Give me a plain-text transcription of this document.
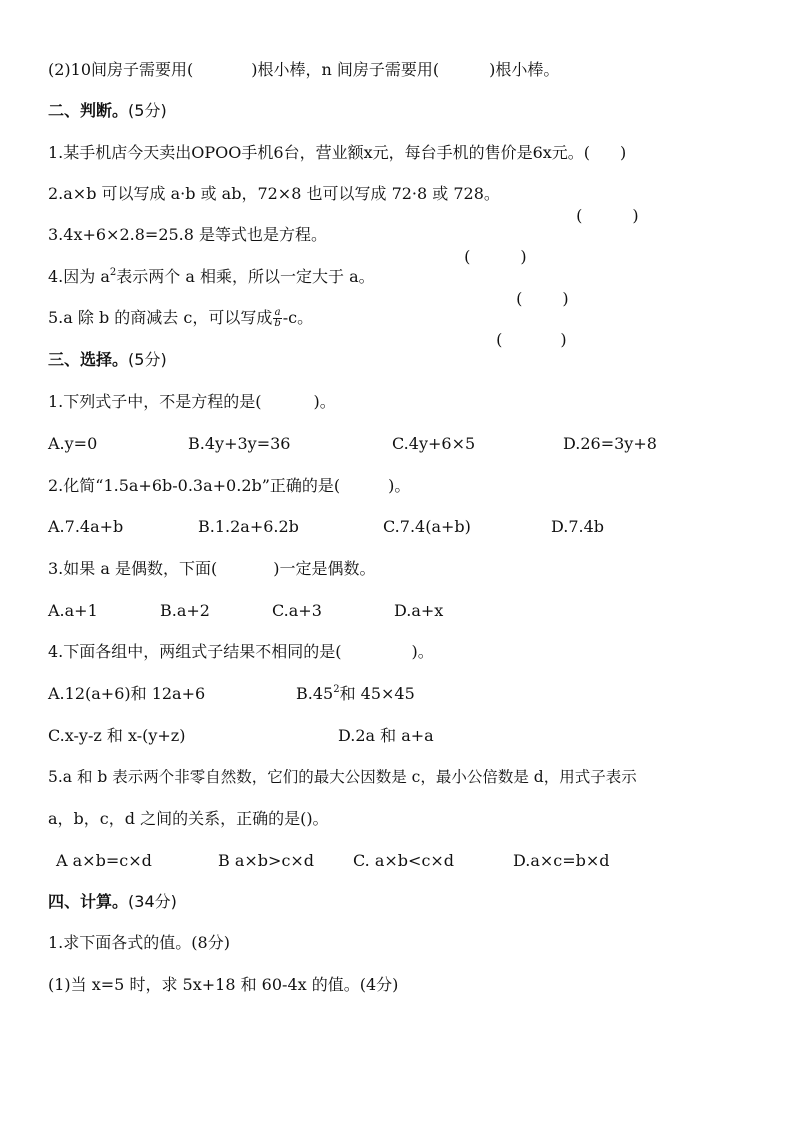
(2)10间房子需要用(	)根小棒，n 间房子需要用(	)根小棒。
二、判断。(5分)
1.某手机店今天卖出OPOO手机6台，营业额x元，每台手机的售价是6x元。( )
2.a×b 可以写成 a·b 或 ab，72×8 也可以写成 72·8 或 728。

(	)

3.4x+6×2.8=25.8 是等式也是方程。

(	)

4.因为 $a^2$表示两个 a 相乘，所以一定大于 a。

(	)

5.a 除 b 的商减去 c，可以写成 $\frac{a}{b} -c$。

(	)

三、选择。(5分)
1.下列式子中，不是方程的是(	)。
A.y=0	B.4y+3y=36	C.4y+6×5	D.26=3y+8
2.化简“1.5a+6b-0.3a+0.2b”正确的是(	)。
A.7.4a+b	B.1.2a+6.2b	C.7.4(a+b)	D.7.4b
3.如果 a 是偶数，下面(	)一定是偶数。
A.a+1	B.a+2	C.a+3	D.a+x
4.下面各组中，两组式子结果不相同的是(	)。
A.12(a+6)和 12a+6	$B.45^2$和 45×45
C.x-y-z 和 x-(y+z)	D.2a 和 a+a
5.a 和 b 表示两个非零自然数，它们的最大公因数是 c，最小公倍数是 d，用式子表示
a，b，c，d 之间的关系，正确的是()。
A a×b=c×d	B a×b>c×d C. a×b<c×d	D.a×c=b×d
四、计算。(34分)
1.求下面各式的值。(8分)
(1)当 x=5 时，求 5x+18 和 60-4x 的值。(4分)
